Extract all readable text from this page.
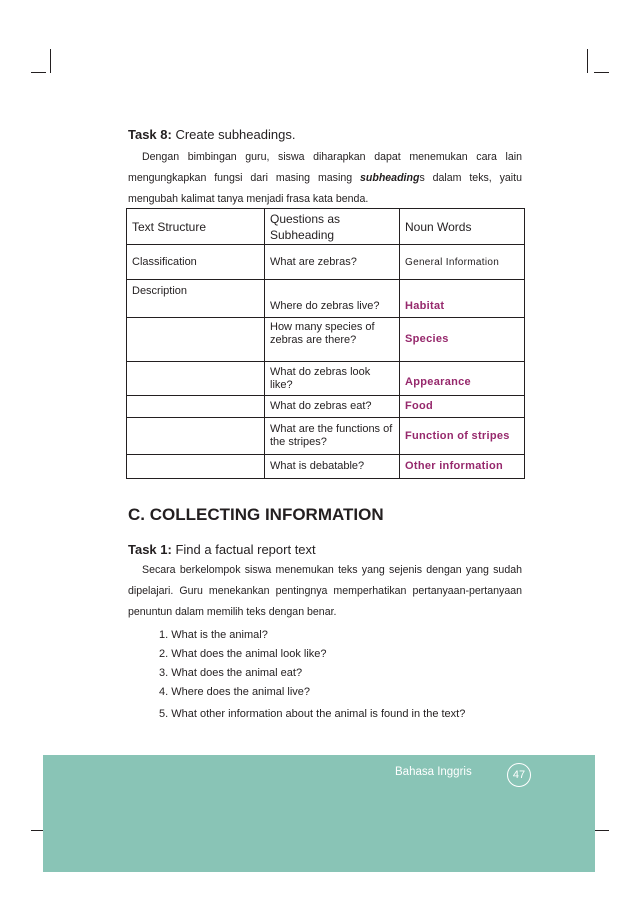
Task 8: Create subheadings.

Dengan bimbingan guru, siswa diharapkan dapat menemukan cara lain mengungkapkan fungsi dari masing masing subheadings dalam teks, yaitu mengubah kalimat tanya menjadi frasa kata benda.

Text Structure	Questions as Subheading	Noun Words
Classification	What are zebras?	General Information
Description	Where do zebras live?	Habitat
	How many species of zebras are there?	Species
	What do zebras look like?	Appearance
	What do zebras eat?	Food
	What are the functions of the stripes?	Function of stripes
	What is debatable?	Other information
C. COLLECTING INFORMATION

Task 1: Find a factual report text

Secara berkelompok siswa menemukan teks yang sejenis dengan yang sudah dipelajari. Guru menekankan pentingnya memperhatikan pertanyaan-pertanyaan penuntun dalam memilih teks dengan benar.

1. What is the animal?
2. What does the animal look like?
3. What does the animal eat?
4. Where does the animal live?
5. What other information about the animal is found in the text?
Bahasa Inggris	47
